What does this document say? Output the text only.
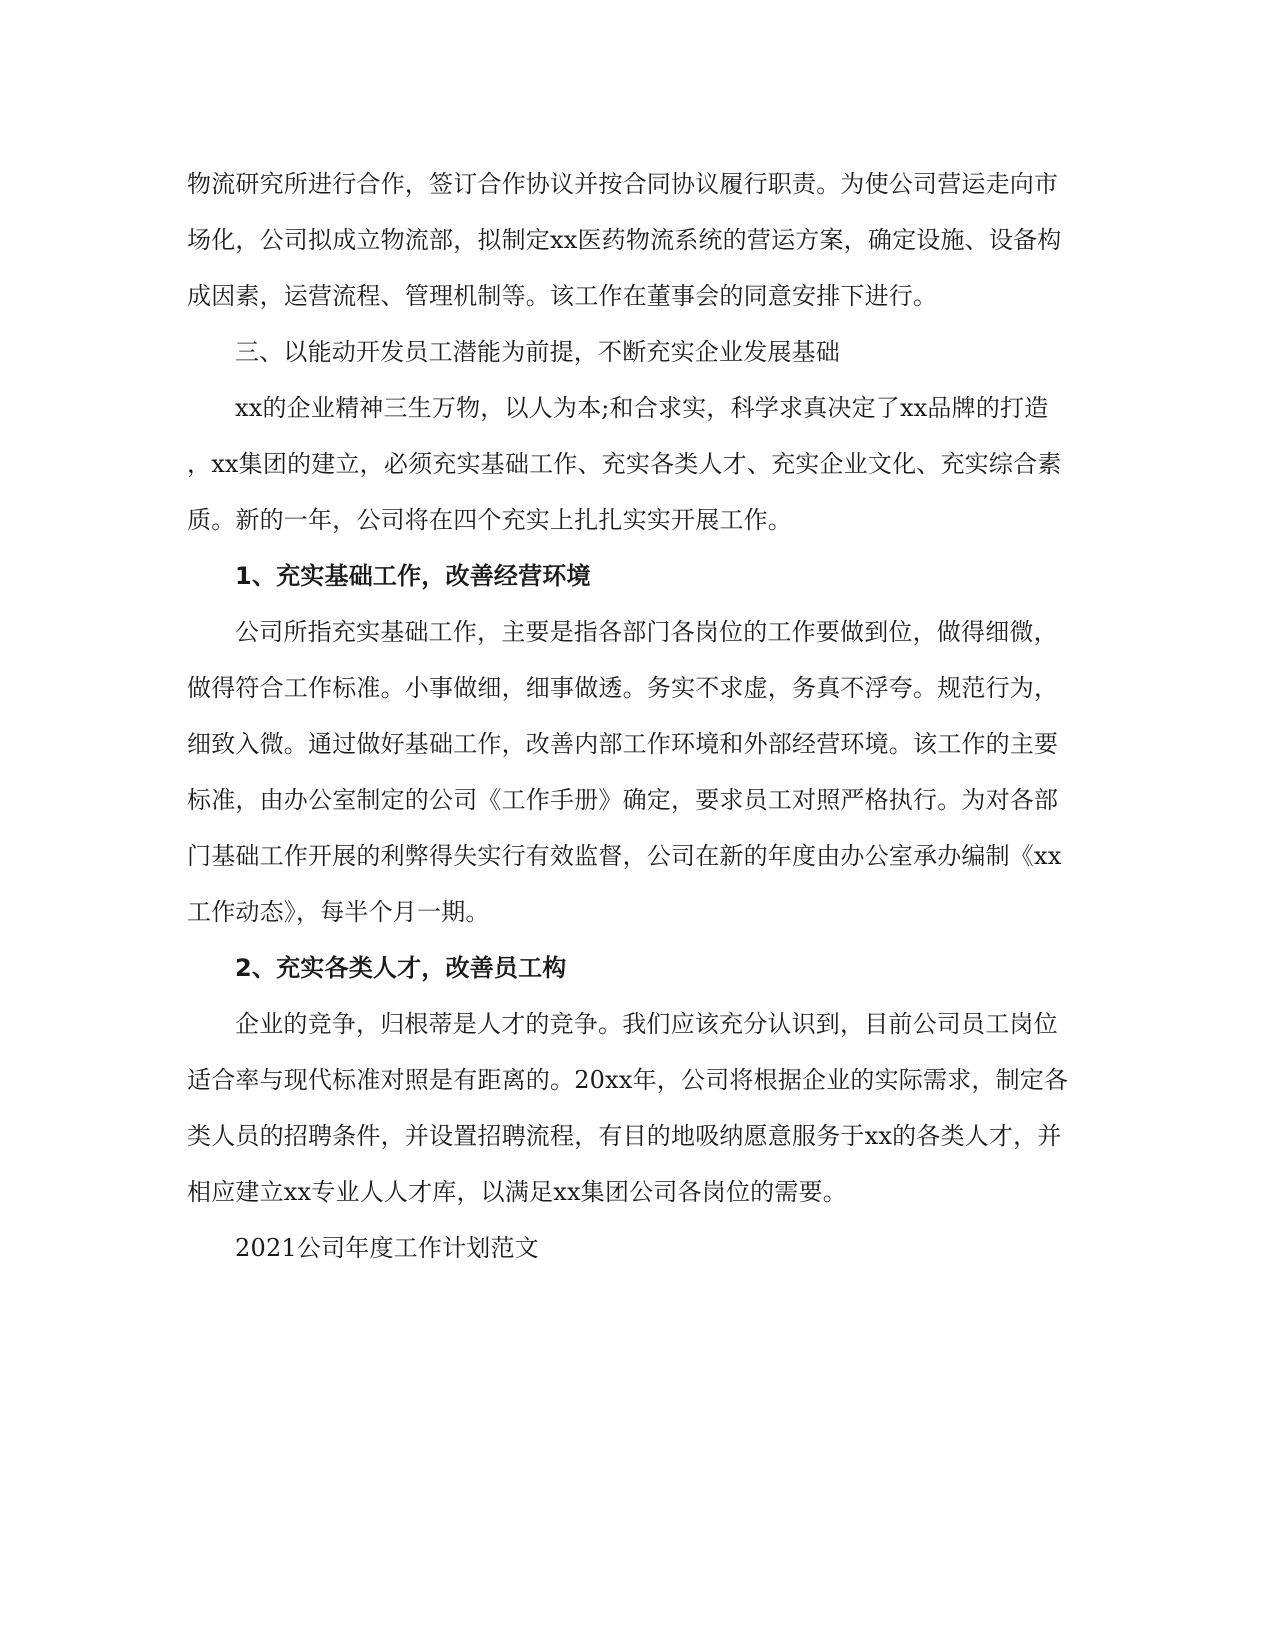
物流研究所进行合作，签订合作协议并按合同协议履行职责。为使公司营运走向市
场化，公司拟成立物流部，拟制定xx医药物流系统的营运方案，确定设施、设备构
成因素，运营流程、管理机制等。该工作在董事会的同意安排下进行。
三、以能动开发员工潜能为前提，不断充实企业发展基础
xx的企业精神三生万物，以人为本;和合求实，科学求真决定了xx品牌的打造
，xx集团的建立，必须充实基础工作、充实各类人才、充实企业文化、充实综合素
质。新的一年，公司将在四个充实上扎扎实实开展工作。
1、充实基础工作，改善经营环境
公司所指充实基础工作，主要是指各部门各岗位的工作要做到位，做得细微，
做得符合工作标准。小事做细，细事做透。务实不求虚，务真不浮夸。规范行为，
细致入微。通过做好基础工作，改善内部工作环境和外部经营环境。该工作的主要
标准，由办公室制定的公司《工作手册》确定，要求员工对照严格执行。为对各部
门基础工作开展的利弊得失实行有效监督，公司在新的年度由办公室承办编制《xx
工作动态》，每半个月一期。
2、充实各类人才，改善员工构
企业的竞争，归根蒂是人才的竞争。我们应该充分认识到，目前公司员工岗位
适合率与现代标准对照是有距离的。20xx年，公司将根据企业的实际需求，制定各
类人员的招聘条件，并设置招聘流程，有目的地吸纳愿意服务于xx的各类人才，并
相应建立xx专业人人才库，以满足xx集团公司各岗位的需要。
2021公司年度工作计划范文
